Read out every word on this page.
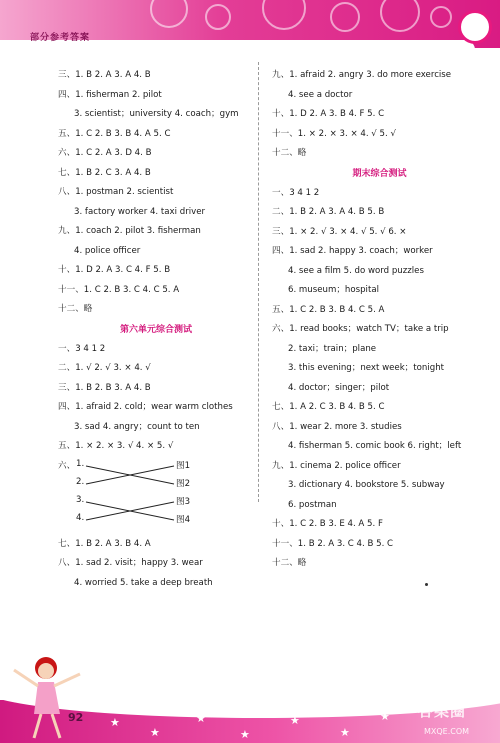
部分参考答案
三、1. B 2. A 3. A 4. B
四、1. fisherman 2. pilot
3. scientist；university 4. coach；gym
五、1. C 2. B 3. B 4. A 5. C
六、1. C 2. A 3. D 4. B
七、1. B 2. C 3. A 4. B
八、1. postman 2. scientist
3. factory worker 4. taxi driver
九、1. coach 2. pilot 3. fisherman
4. police officer
十、1. D 2. A 3. C 4. F 5. B
十一、1. C 2. B 3. C 4. C 5. A
十二、略
第六单元综合测试
一、3 4 1 2
二、1. √ 2. √ 3. × 4. √
三、1. B 2. B 3. A 4. B
四、1. afraid 2. cold；wear warm clothes
3. sad 4. angry；count to ten
五、1. × 2. × 3. √ 4. × 5. √
六、 1.
2.
3.
4.
图1
图2
图3
图4
七、1. B 2. A 3. B 4. A
八、1. sad 2. visit；happy 3. wear
4. worried 5. take a deep breath
九、1. afraid 2. angry 3. do more exercise
4. see a doctor
十、1. D 2. A 3. B 4. F 5. C
十一、1. × 2. × 3. × 4. √ 5. √
十二、略
期末综合测试
一、3 4 1 2
二、1. B 2. A 3. A 4. B 5. B
三、1. × 2. √ 3. × 4. √ 5. √ 6. ×
四、1. sad 2. happy 3. coach；worker
4. see a film 5. do word puzzles
6. museum；hospital
五、1. C 2. B 3. B 4. C 5. A
六、1. read books；watch TV；take a trip
2. taxi；train；plane
3. this evening；next week；tonight
4. doctor；singer；pilot
七、1. A 2. C 3. B 4. B 5. C
八、1. wear 2. more 3. studies
4. fisherman 5. comic book 6. right；left
九、1. cinema 2. police officer
3. dictionary 4. bookstore 5. subway
6. postman
十、1. C 2. B 3. E 4. A 5. F
十一、1. B 2. A 3. C 4. B 5. C
十二、略
★
★
★
★
★
★
★
92	答案圈
MXQE.COM
